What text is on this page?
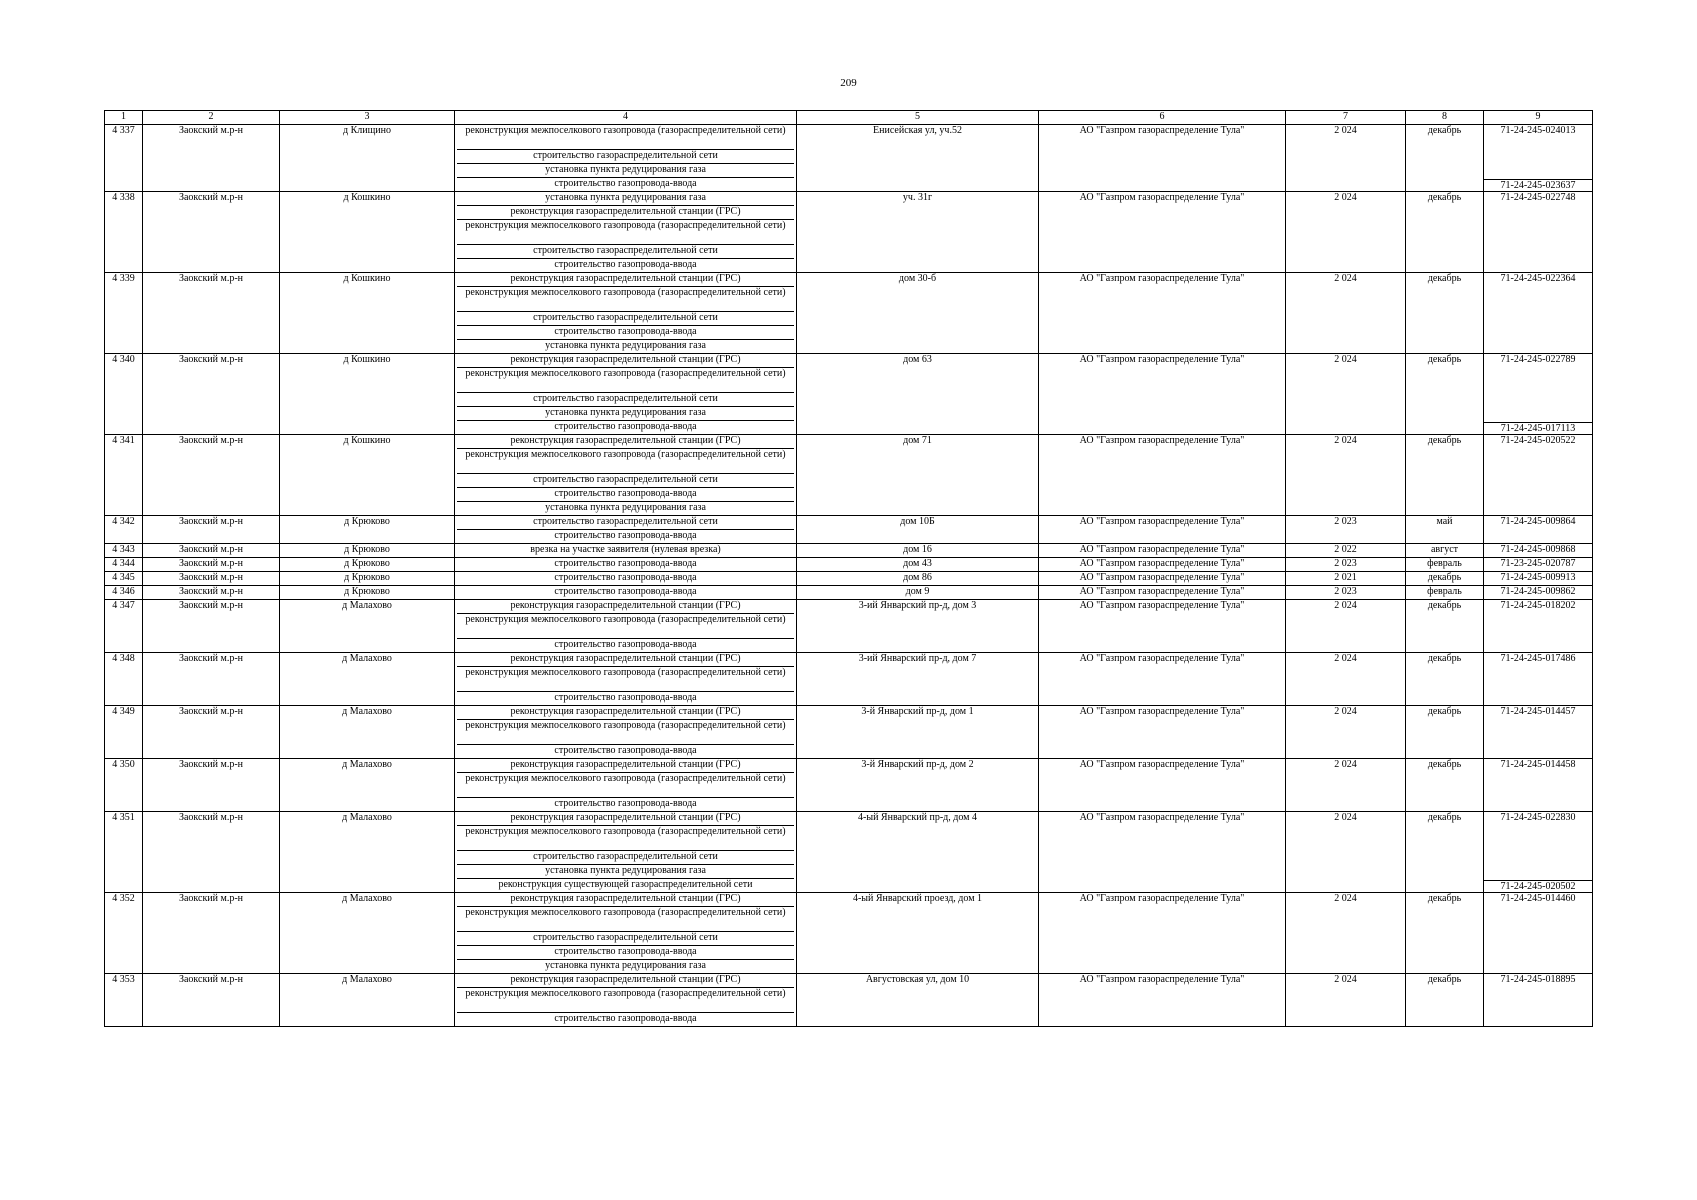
209
1	2	3	4	5	6	7	8	9
4 337	Заокский м.р-н	д Клищино	реконструкция межпоселкового газопровода (газораспределительной сети)
строительство газораспределительной сети
установка пункта редуцирования газа
строительство газопровода-ввода	Енисейская ул, уч.52	АО "Газпром газораспределение Тула"	2 024	декабрь	71-24-245-024013
71-24-245-023637

4 338	Заокский м.р-н	д Кошкино	установка пункта редуцирования газа
реконструкция газораспределительной станции (ГРС)
реконструкция межпоселкового газопровода (газораспределительной сети)
строительство газораспределительной сети
строительство газопровода-ввода	уч. 31г	АО "Газпром газораспределение Тула"	2 024	декабрь	71-24-245-022748

4 339	Заокский м.р-н	д Кошкино	реконструкция газораспределительной станции (ГРС)
реконструкция межпоселкового газопровода (газораспределительной сети)
строительство газораспределительной сети
строительство газопровода-ввода
установка пункта редуцирования газа	дом 30-б	АО "Газпром газораспределение Тула"	2 024	декабрь	71-24-245-022364

4 340	Заокский м.р-н	д Кошкино	реконструкция газораспределительной станции (ГРС)
реконструкция межпоселкового газопровода (газораспределительной сети)
строительство газораспределительной сети
установка пункта редуцирования газа
строительство газопровода-ввода	дом 63	АО "Газпром газораспределение Тула"	2 024	декабрь	71-24-245-022789
71-24-245-017113

4 341	Заокский м.р-н	д Кошкино	реконструкция газораспределительной станции (ГРС)
реконструкция межпоселкового газопровода (газораспределительной сети)
строительство газораспределительной сети
строительство газопровода-ввода
установка пункта редуцирования газа	дом 71	АО "Газпром газораспределение Тула"	2 024	декабрь	71-24-245-020522

4 342	Заокский м.р-н	д Крюково	строительство газораспределительной сети
строительство газопровода-ввода	дом 10Б	АО "Газпром газораспределение Тула"	2 023	май	71-24-245-009864

4 343	Заокский м.р-н	д Крюково	врезка на участке заявителя (нулевая врезка)	дом 16	АО "Газпром газораспределение Тула"	2 022	август	71-24-245-009868

4 344	Заокский м.р-н	д Крюково	строительство газопровода-ввода	дом 43	АО "Газпром газораспределение Тула"	2 023	февраль	71-23-245-020787

4 345	Заокский м.р-н	д Крюково	строительство газопровода-ввода	дом 86	АО "Газпром газораспределение Тула"	2 021	декабрь	71-24-245-009913

4 346	Заокский м.р-н	д Крюково	строительство газопровода-ввода	дом 9	АО "Газпром газораспределение Тула"	2 023	февраль	71-24-245-009862

4 347	Заокский м.р-н	д Малахово	реконструкция газораспределительной станции (ГРС)
реконструкция межпоселкового газопровода (газораспределительной сети)
строительство газопровода-ввода	3-ий Январский пр-д, дом 3	АО "Газпром газораспределение Тула"	2 024	декабрь	71-24-245-018202

4 348	Заокский м.р-н	д Малахово	реконструкция газораспределительной станции (ГРС)
реконструкция межпоселкового газопровода (газораспределительной сети)
строительство газопровода-ввода	3-ий Январский пр-д, дом 7	АО "Газпром газораспределение Тула"	2 024	декабрь	71-24-245-017486

4 349	Заокский м.р-н	д Малахово	реконструкция газораспределительной станции (ГРС)
реконструкция межпоселкового газопровода (газораспределительной сети)
строительство газопровода-ввода	3-й Январский пр-д, дом 1	АО "Газпром газораспределение Тула"	2 024	декабрь	71-24-245-014457

4 350	Заокский м.р-н	д Малахово	реконструкция газораспределительной станции (ГРС)
реконструкция межпоселкового газопровода (газораспределительной сети)
строительство газопровода-ввода	3-й Январский пр-д, дом 2	АО "Газпром газораспределение Тула"	2 024	декабрь	71-24-245-014458

4 351	Заокский м.р-н	д Малахово	реконструкция газораспределительной станции (ГРС)
реконструкция межпоселкового газопровода (газораспределительной сети)
строительство газораспределительной сети
установка пункта редуцирования газа
реконструкция существующей газораспределительной сети	4-ый Январский пр-д, дом 4	АО "Газпром газораспределение Тула"	2 024	декабрь	71-24-245-022830
71-24-245-020502

4 352	Заокский м.р-н	д Малахово	реконструкция газораспределительной станции (ГРС)
реконструкция межпоселкового газопровода (газораспределительной сети)
строительство газораспределительной сети
строительство газопровода-ввода
установка пункта редуцирования газа	4-ый Январский проезд, дом 1	АО "Газпром газораспределение Тула"	2 024	декабрь	71-24-245-014460

4 353	Заокский м.р-н	д Малахово	реконструкция газораспределительной станции (ГРС)
реконструкция межпоселкового газопровода (газораспределительной сети)
строительство газопровода-ввода	Августовская ул, дом 10	АО "Газпром газораспределение Тула"	2 024	декабрь	71-24-245-018895
